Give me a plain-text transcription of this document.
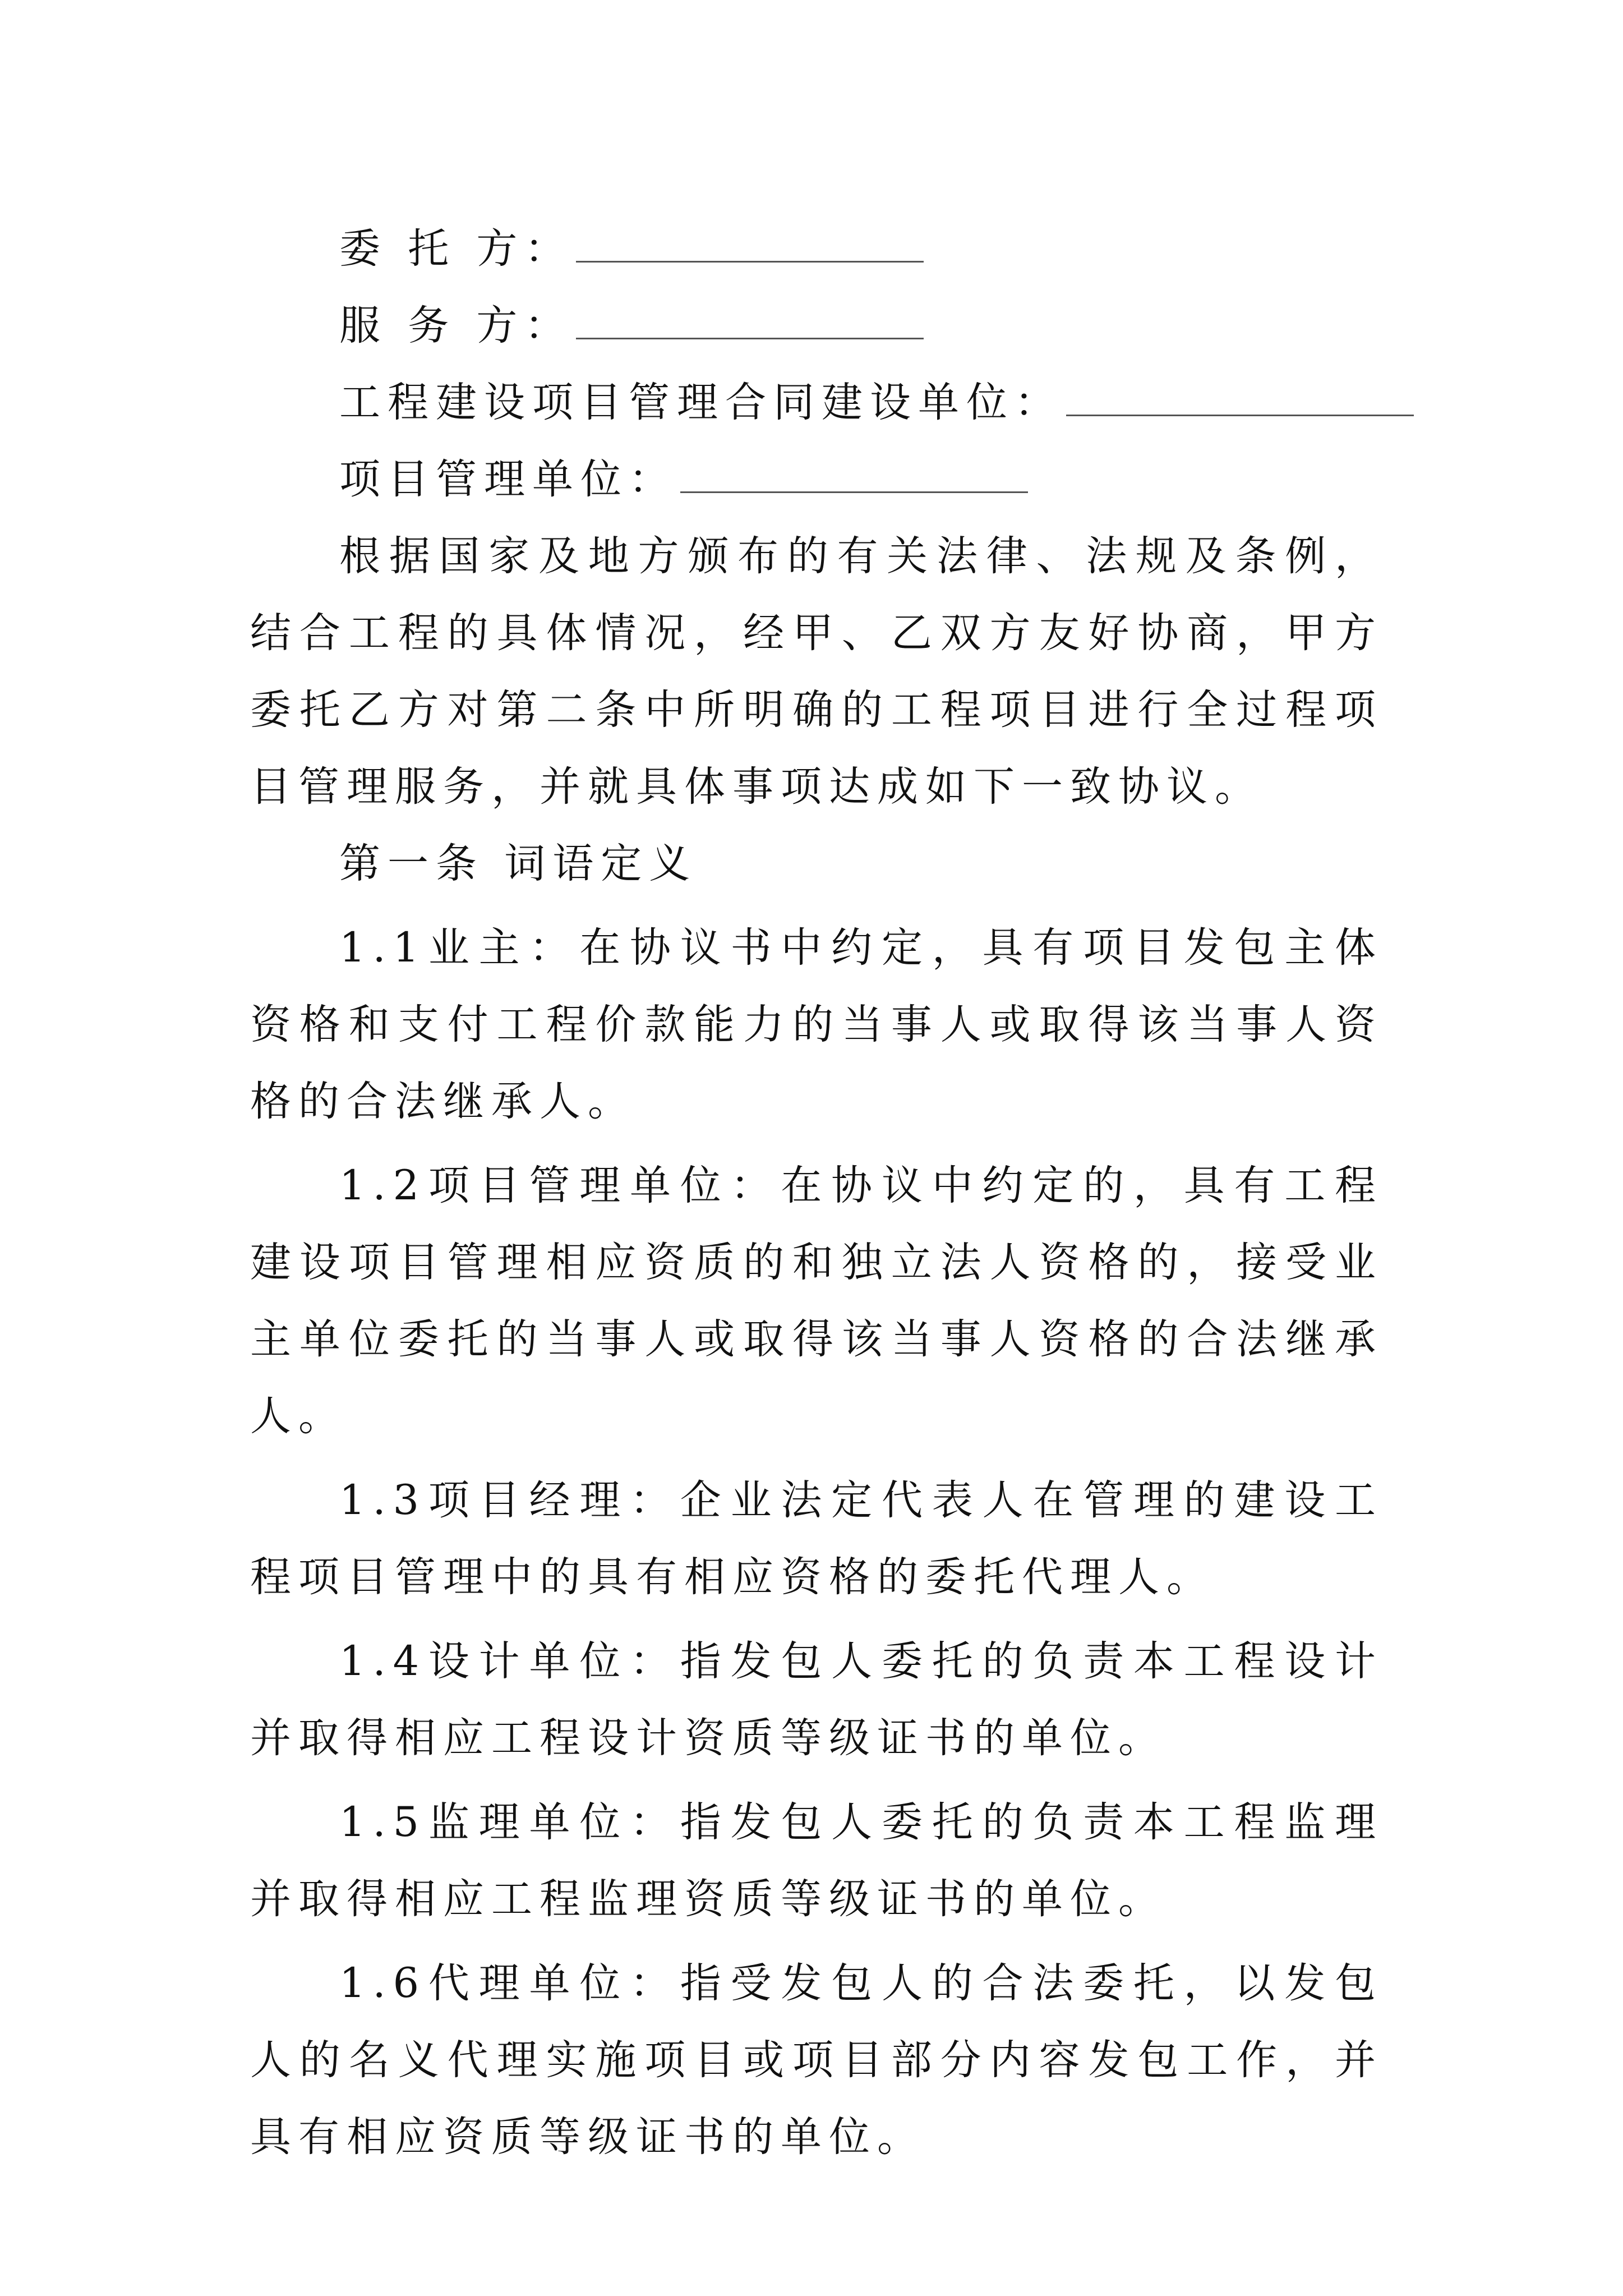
委 托 方：

服 务 方：

工程建设项目管理合同建设单位：

项目管理单位：

根据国家及地方颁布的有关法律、法规及条例，结合工程的具体情况，经甲、乙双方友好协商，甲方委托乙方对第二条中所明确的工程项目进行全过程项目管理服务，并就具体事项达成如下一致协议。

第一条 词语定义

1.1业主：在协议书中约定，具有项目发包主体资格和支付工程价款能力的当事人或取得该当事人资格的合法继承人。

1.2项目管理单位：在协议中约定的，具有工程建设项目管理相应资质的和独立法人资格的，接受业主单位委托的当事人或取得该当事人资格的合法继承人。

1.3项目经理：企业法定代表人在管理的建设工程项目管理中的具有相应资格的委托代理人。

1.4设计单位：指发包人委托的负责本工程设计并取得相应工程设计资质等级证书的单位。

1.5监理单位：指发包人委托的负责本工程监理并取得相应工程监理资质等级证书的单位。

1.6代理单位：指受发包人的合法委托，以发包人的名义代理实施项目或项目部分内容发包工作，并具有相应资质等级证书的单位。
